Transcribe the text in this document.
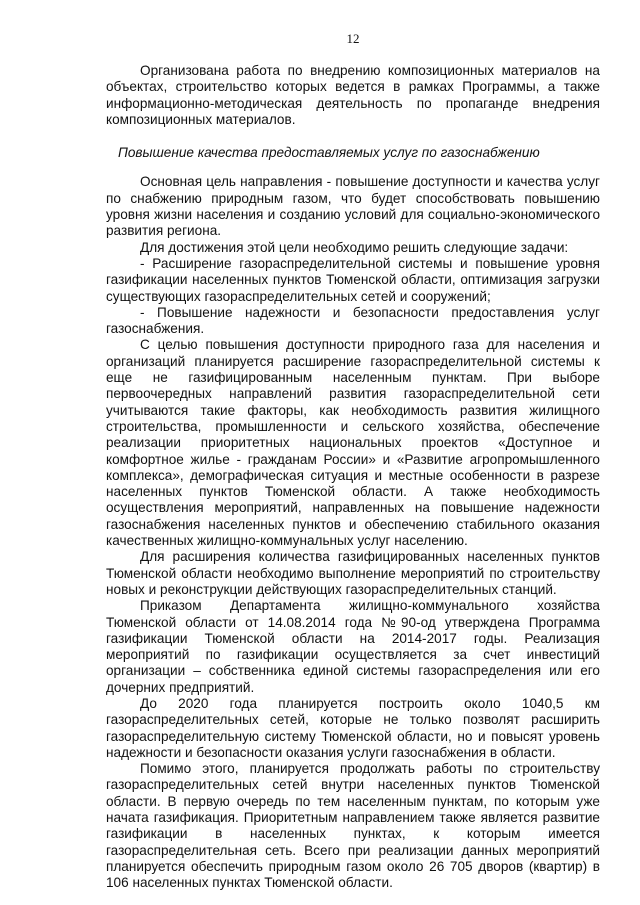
12

Организована работа по внедрению композиционных материалов на объектах, строительство которых ведется в рамках Программы, а также информационно-методическая деятельность по пропаганде внедрения композиционных материалов.

Повышение качества предоставляемых услуг по газоснабжению

Основная цель направления - повышение доступности и качества услуг по снабжению природным газом, что будет способствовать повышению уровня жизни населения и созданию условий для социально-экономического развития региона.

Для достижения этой цели необходимо решить следующие задачи:

- Расширение газораспределительной системы и повышение уровня газификации населенных пунктов Тюменской области, оптимизация загрузки существующих газораспределительных сетей и сооружений;

- Повышение надежности и безопасности предоставления услуг газоснабжения.

С целью повышения доступности природного газа для населения и организаций планируется расширение газораспределительной системы к еще не газифицированным населенным пунктам. При выборе первоочередных направлений развития газораспределительной сети учитываются такие факторы, как необходимость развития жилищного строительства, промышленности и сельского хозяйства, обеспечение реализации приоритетных национальных проектов «Доступное и комфортное жилье - гражданам России» и «Развитие агропромышленного комплекса», демографическая ситуация и местные особенности в разрезе населенных пунктов Тюменской области. А также необходимость осуществления мероприятий, направленных на повышение надежности газоснабжения населенных пунктов и обеспечению стабильного оказания качественных жилищно-коммунальных услуг населению.

Для расширения количества газифицированных населенных пунктов Тюменской области необходимо выполнение мероприятий по строительству новых и реконструкции действующих газораспределительных станций.

Приказом Департамента жилищно-коммунального хозяйства Тюменской области от 14.08.2014 года №90-од утверждена Программа газификации Тюменской области на 2014-2017 годы. Реализация мероприятий по газификации осуществляется за счет инвестиций организации – собственника единой системы газораспределения или его дочерних предприятий.

До 2020 года планируется построить около 1040,5 км газораспределительных сетей, которые не только позволят расширить газораспределительную систему Тюменской области, но и повысят уровень надежности и безопасности оказания услуги газоснабжения в области.

Помимо этого, планируется продолжать работы по строительству газораспределительных сетей внутри населенных пунктов Тюменской области. В первую очередь по тем населенным пунктам, по которым уже начата газификация. Приоритетным направлением также является развитие газификации в населенных пунктах, к которым имеется газораспределительная сеть. Всего при реализации данных мероприятий планируется обеспечить природным газом около 26 705 дворов (квартир) в 106 населенных пунктах Тюменской области.
